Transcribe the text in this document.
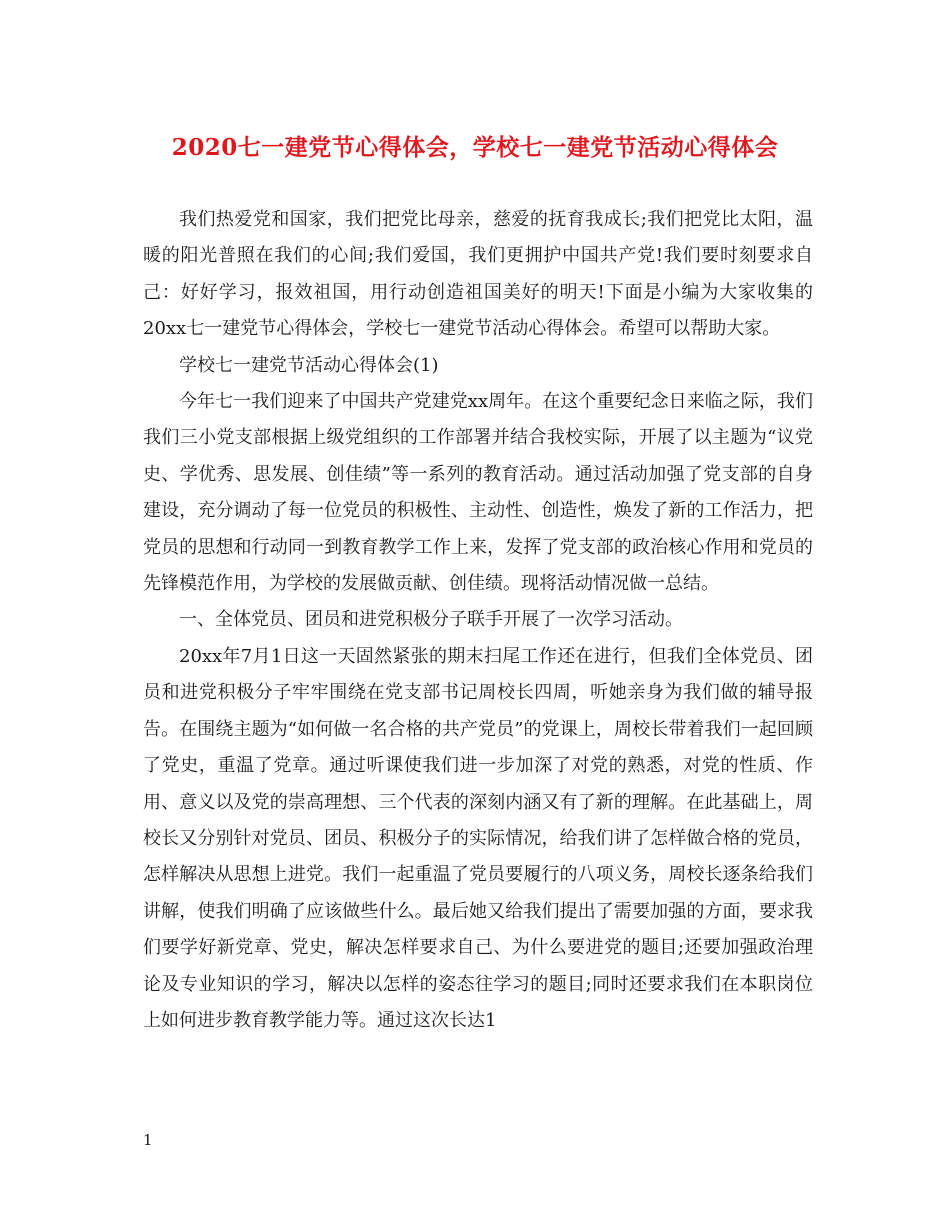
2020七一建党节心得体会，学校七一建党节活动心得体会

我们热爱党和国家，我们把党比母亲，慈爱的抚育我成长;我们把党比太阳，温暖的阳光普照在我们的心间;我们爱国，我们更拥护中国共产党!我们要时刻要求自己：好好学习，报效祖国，用行动创造祖国美好的明天!下面是小编为大家收集的20xx七一建党节心得体会，学校七一建党节活动心得体会。希望可以帮助大家。

学校七一建党节活动心得体会(1)

今年七一我们迎来了中国共产党建党xx周年。在这个重要纪念日来临之际，我们我们三小党支部根据上级党组织的工作部署并结合我校实际，开展了以主题为“议党史、学优秀、思发展、创佳绩”等一系列的教育活动。通过活动加强了党支部的自身建设，充分调动了每一位党员的积极性、主动性、创造性，焕发了新的工作活力，把党员的思想和行动同一到教育教学工作上来，发挥了党支部的政治核心作用和党员的先锋模范作用，为学校的发展做贡献、创佳绩。现将活动情况做一总结。

一、全体党员、团员和进党积极分子联手开展了一次学习活动。

20xx年7月1日这一天固然紧张的期末扫尾工作还在进行，但我们全体党员、团员和进党积极分子牢牢围绕在党支部书记周校长四周，听她亲身为我们做的辅导报告。在围绕主题为“如何做一名合格的共产党员”的党课上，周校长带着我们一起回顾了党史，重温了党章。通过听课使我们进一步加深了对党的熟悉，对党的性质、作用、意义以及党的崇高理想、三个代表的深刻内涵又有了新的理解。在此基础上，周校长又分别针对党员、团员、积极分子的实际情况，给我们讲了怎样做合格的党员，怎样解决从思想上进党。我们一起重温了党员要履行的八项义务，周校长逐条给我们讲解，使我们明确了应该做些什么。最后她又给我们提出了需要加强的方面，要求我们要学好新党章、党史，解决怎样要求自己、为什么要进党的题目;还要加强政治理论及专业知识的学习，解决以怎样的姿态往学习的题目;同时还要求我们在本职岗位上如何进步教育教学能力等。通过这次长达1

1
